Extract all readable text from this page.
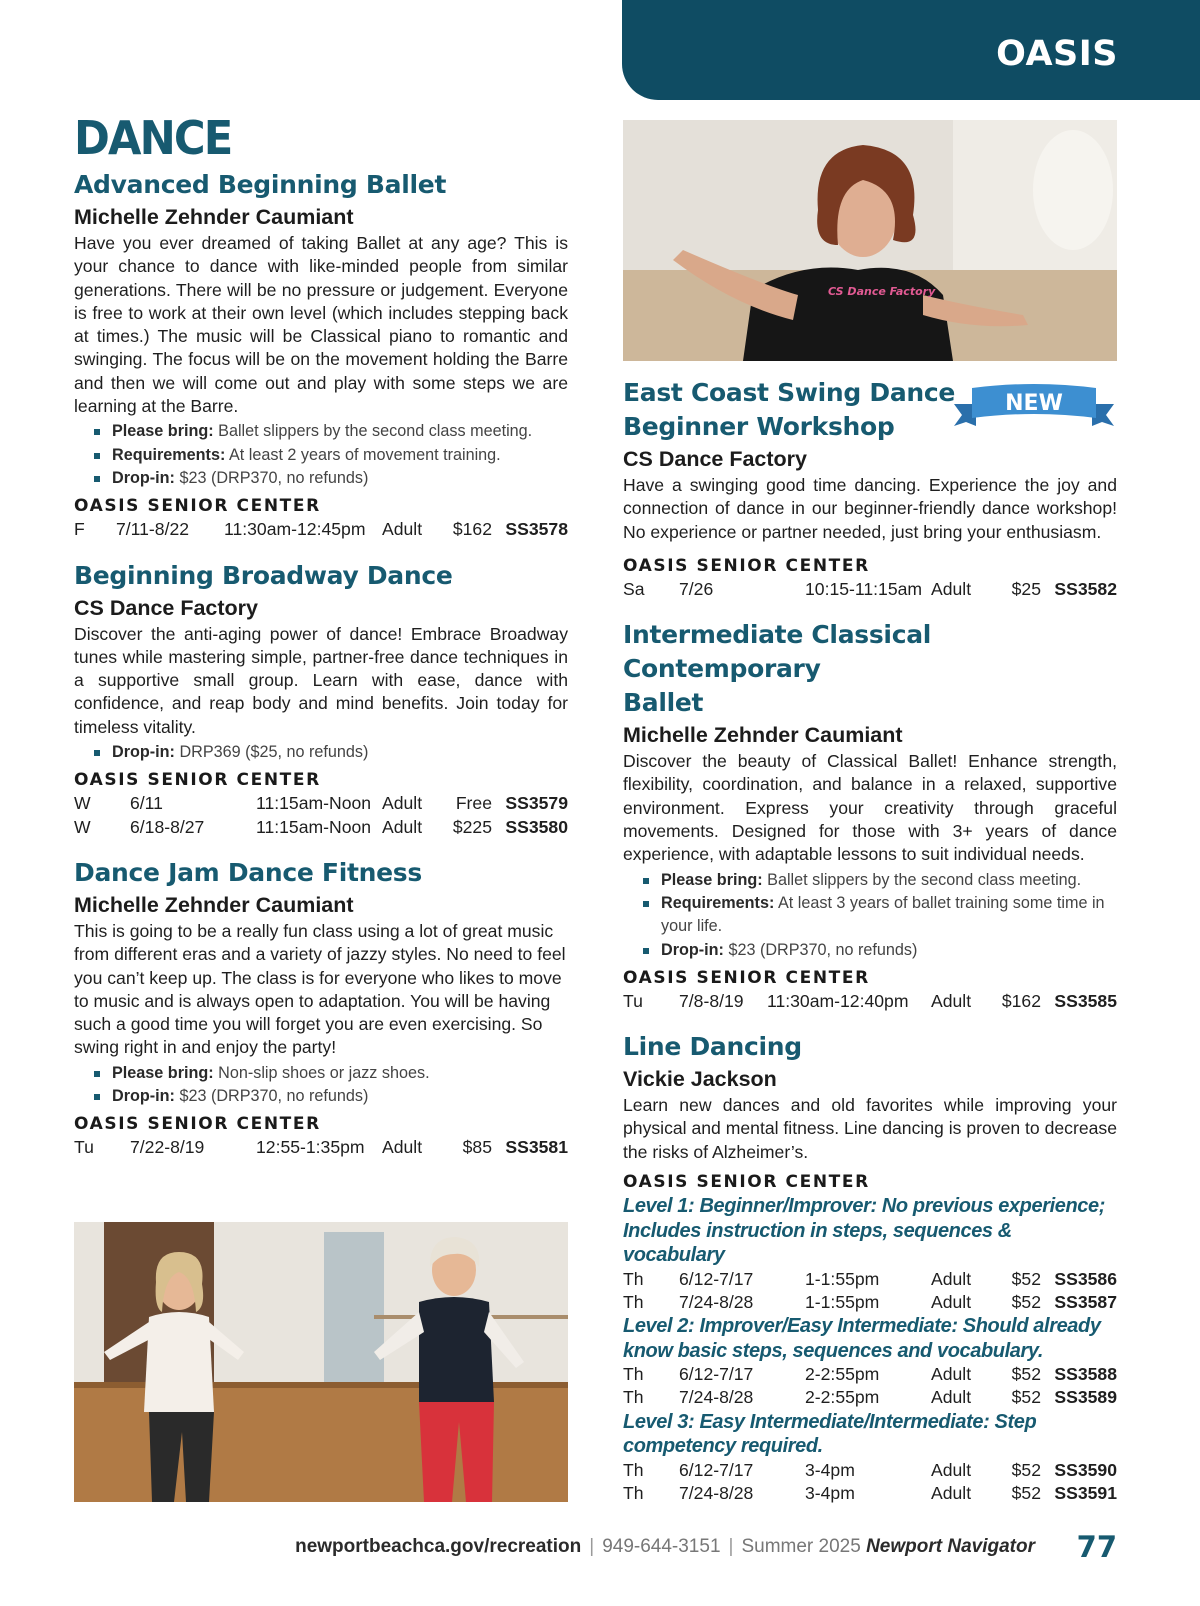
OASIS
DANCE
Advanced Beginning Ballet
Michelle Zehnder Caumiant

Have you ever dreamed of taking Ballet at any age? This is your chance to dance with like-minded people from similar generations. There will be no pressure or judgement. Everyone is free to work at their own level (which includes stepping back at times.) The music will be Classical piano to romantic and swinging. The focus will be on the movement holding the Barre and then we will come out and play with some steps we are learning at the Barre.

Please bring: Ballet slippers by the second class meeting.
Requirements: At least 2 years of movement training.
Drop-in: $23 (DRP370, no refunds)
OASIS SENIOR CENTER
F 7/11-8/22 11:30am-12:45pm Adult $162 SS3578
Beginning Broadway Dance
CS Dance Factory

Discover the anti-aging power of dance! Embrace Broadway tunes while mastering simple, partner-free dance techniques in a supportive small group. Learn with ease, dance with confidence, and reap body and mind benefits. Join today for timeless vitality.

Drop-in: DRP369 ($25, no refunds)
OASIS SENIOR CENTER
W 6/11	11:15am-Noon Adult Free SS3579
W 6/18-8/27	11:15am-Noon Adult $225 SS3580
Dance Jam Dance Fitness
Michelle Zehnder Caumiant

This is going to be a really fun class using a lot of great music from different eras and a variety of jazzy styles. No need to feel you can’t keep up. The class is for everyone who likes to move to music and is always open to adaptation. You will be having such a good time you will forget you are even exercising. So swing right in and enjoy the party!

Please bring: Non-slip shoes or jazz shoes.
Drop-in: $23 (DRP370, no refunds)
OASIS SENIOR CENTER
Tu 7/22-8/19	12:55-1:35pm Adult $85 SS3581
CS Dance Factory
NEW
East Coast Swing Dance
Beginner Workshop
CS Dance Factory

Have a swinging good time dancing. Experience the joy and connection of dance in our beginner-friendly dance workshop! No experience or partner needed, just bring your enthusiasm.

OASIS SENIOR CENTER
Sa 7/26	10:15-11:15am Adult $25 SS3582
Intermediate Classical Contemporary
Ballet
Michelle Zehnder Caumiant

Discover the beauty of Classical Ballet! Enhance strength, flexibility, coordination, and balance in a relaxed, supportive environment. Express your creativity through graceful movements. Designed for those with 3+ years of dance experience, with adaptable lessons to suit individual needs.

Please bring: Ballet slippers by the second class meeting.
Requirements: At least 3 years of ballet training some time in your life.
Drop-in: $23 (DRP370, no refunds)
OASIS SENIOR CENTER
Tu 7/8-8/19 11:30am-12:40pm Adult $162 SS3585
Line Dancing
Vickie Jackson

Learn new dances and old favorites while improving your physical and mental fitness. Line dancing is proven to decrease the risks of Alzheimer’s.

OASIS SENIOR CENTER
Level 1: Beginner/Improver: No previous experience;
Includes instruction in steps, sequences & vocabulary
Th 6/12-7/17	1-1:55pm	Adult $52 SS3586
Th 7/24-8/28	1-1:55pm	Adult $52 SS3587
Level 2: Improver/Easy Intermediate: Should already
know basic steps, sequences and vocabulary.
Th 6/12-7/17	2-2:55pm	Adult $52 SS3588
Th 7/24-8/28	2-2:55pm	Adult $52 SS3589
Level 3: Easy Intermediate/Intermediate: Step
competency required.
Th 6/12-7/17	3-4pm	Adult $52 SS3590
Th 7/24-8/28	3-4pm	Adult $52 SS3591
newportbeachca.gov/recreation | 949-644-3151 | Summer 2025 Newport Navigator 77
